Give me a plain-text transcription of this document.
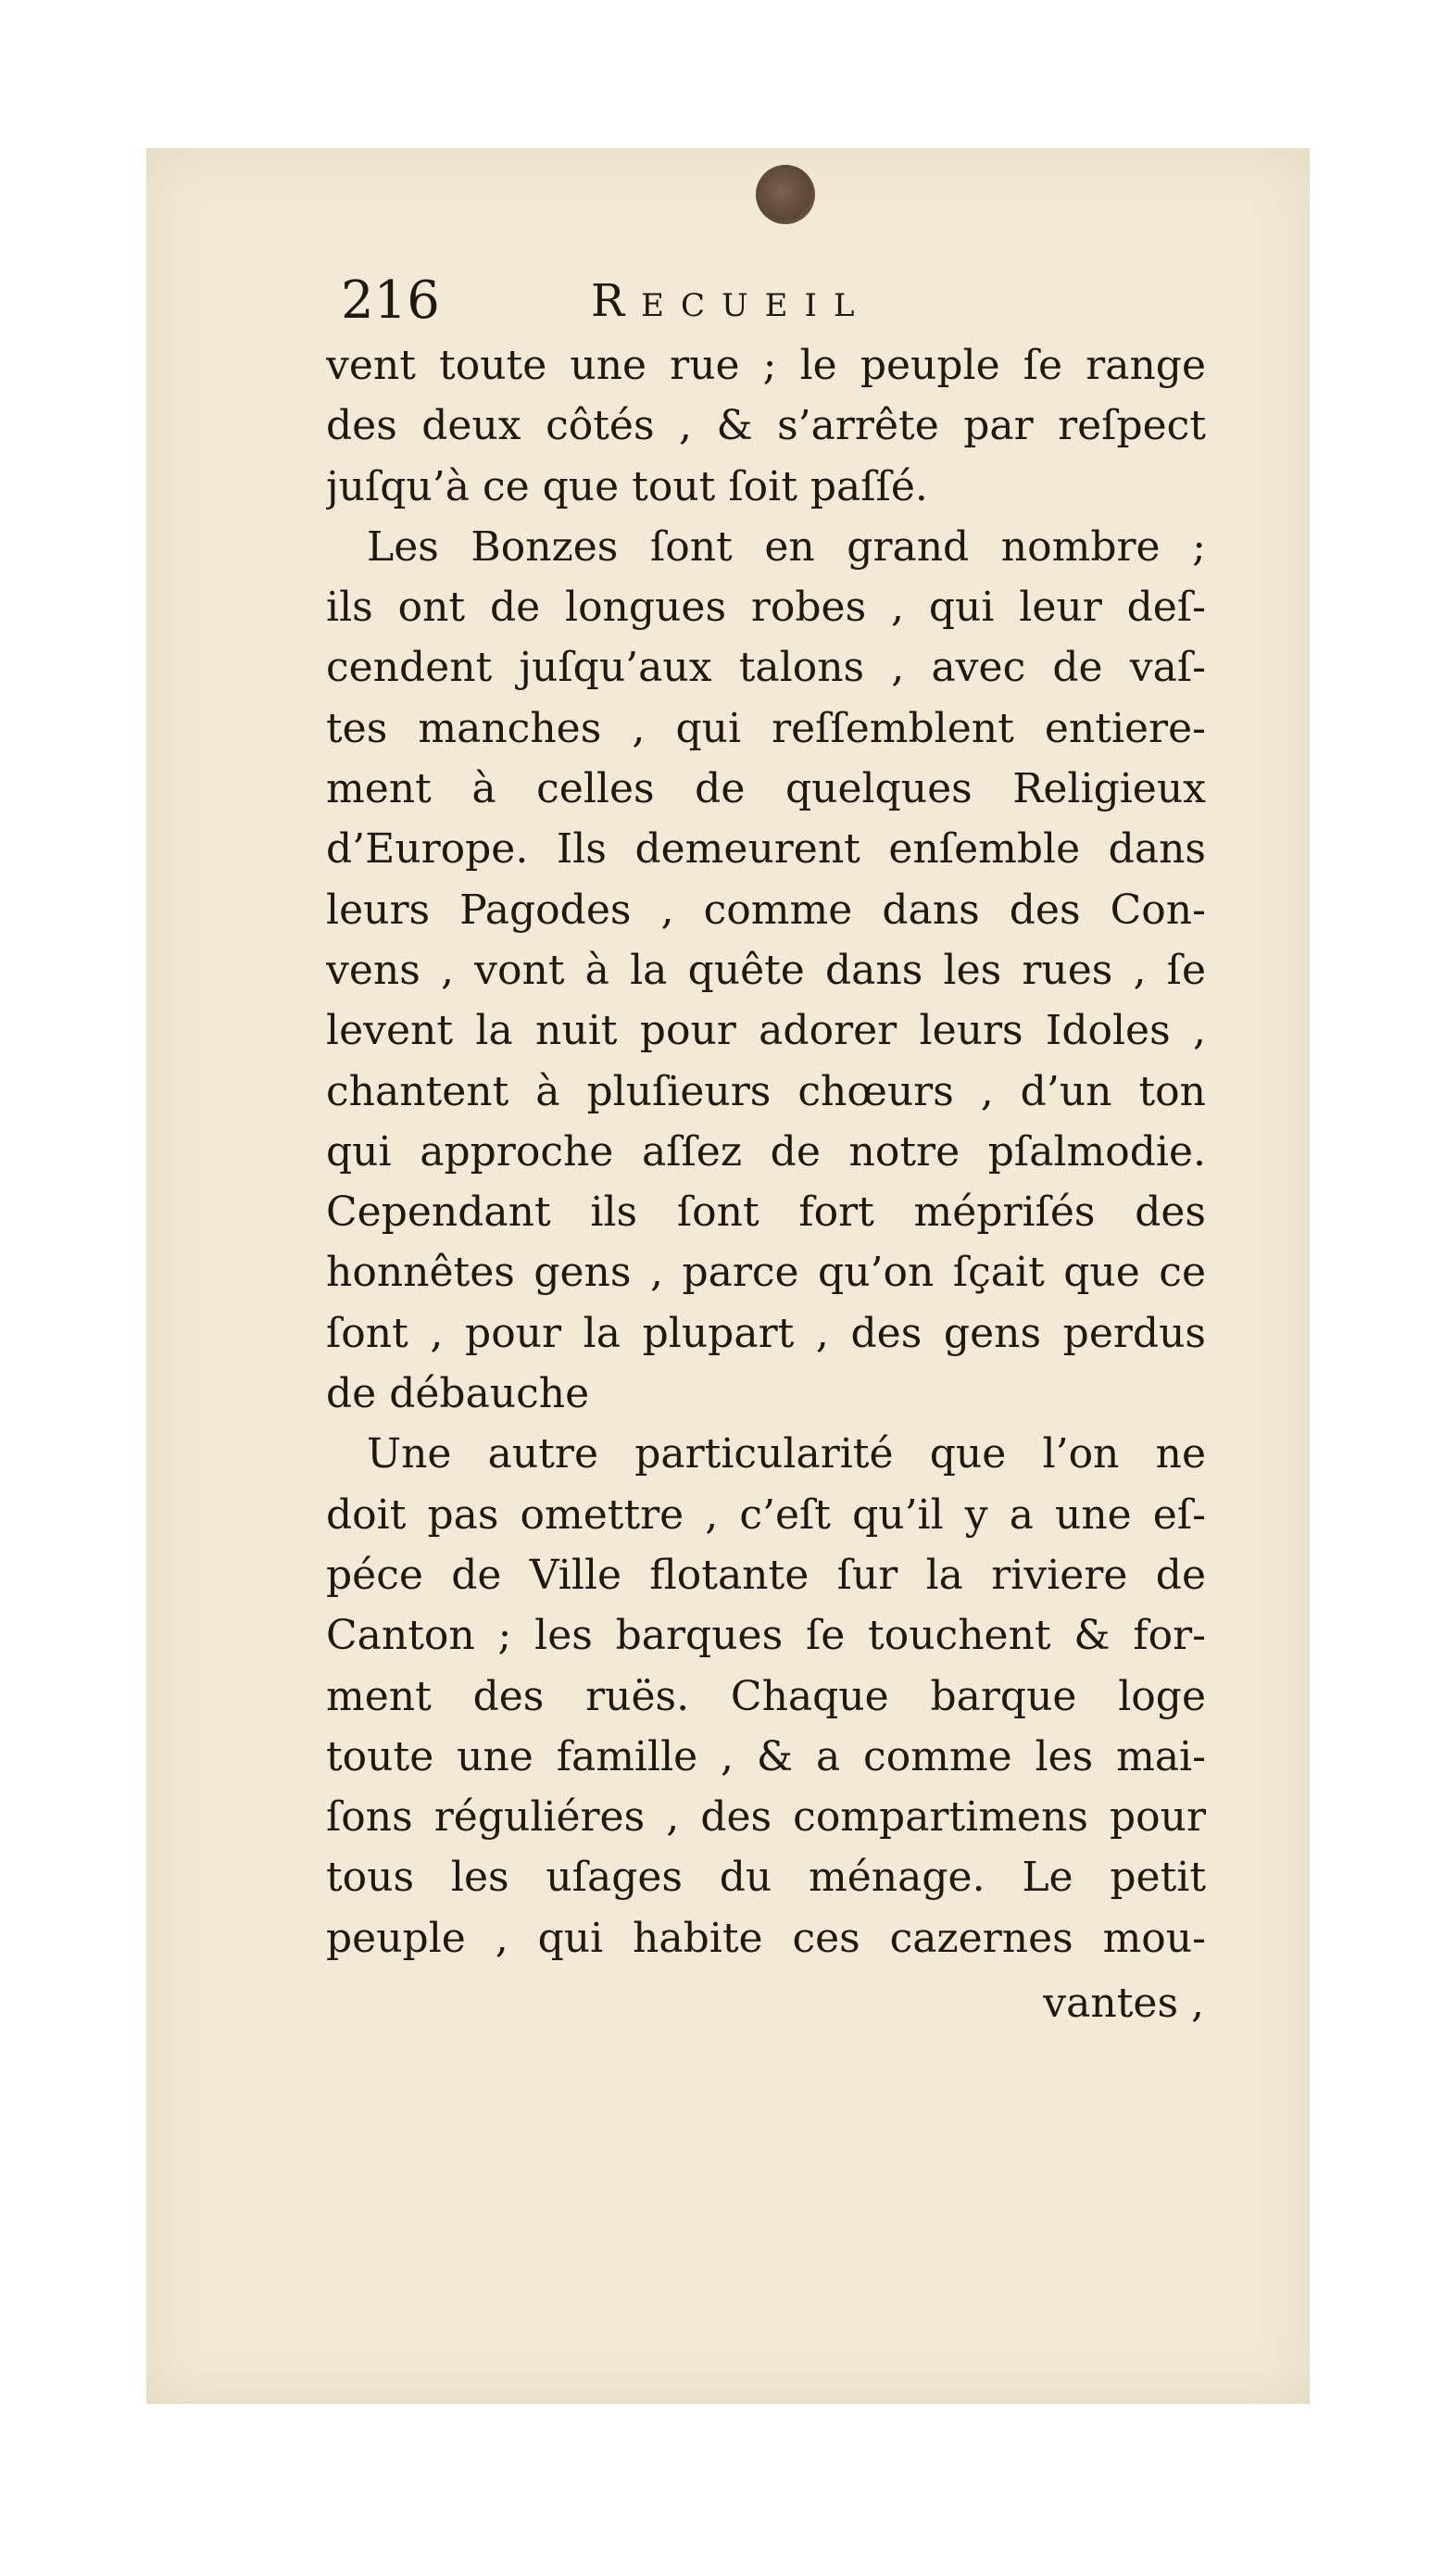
216	Recueil
vent toute une rue ; le peuple ſe range
des deux côtés , & s’arrête par reſpect
juſqu’à ce que tout ſoit paſſé.
Les Bonzes ſont en grand nombre ;
ils ont de longues robes , qui leur deſ-
cendent juſqu’aux talons , avec de vaſ-
tes manches , qui reſſemblent entiere-
ment à celles de quelques Religieux
d’Europe. Ils demeurent enſemble dans
leurs Pagodes , comme dans des Con-
vens , vont à la quête dans les rues , ſe
levent la nuit pour adorer leurs Idoles ,
chantent à pluſieurs chœurs , d’un ton
qui approche aſſez de notre pſalmodie.
Cependant ils ſont fort mépriſés des
honnêtes gens , parce qu’on ſçait que ce
ſont , pour la plupart , des gens perdus
de débauche
Une autre particularité que l’on ne
doit pas omettre , c’eſt qu’il y a une eſ-
péce de Ville flotante ſur la riviere de
Canton ; les barques ſe touchent & for-
ment des ruës. Chaque barque loge
toute une famille , & a comme les mai-
ſons réguliéres , des compartimens pour
tous les uſages du ménage. Le petit
peuple , qui habite ces cazernes mou-
vantes ,
